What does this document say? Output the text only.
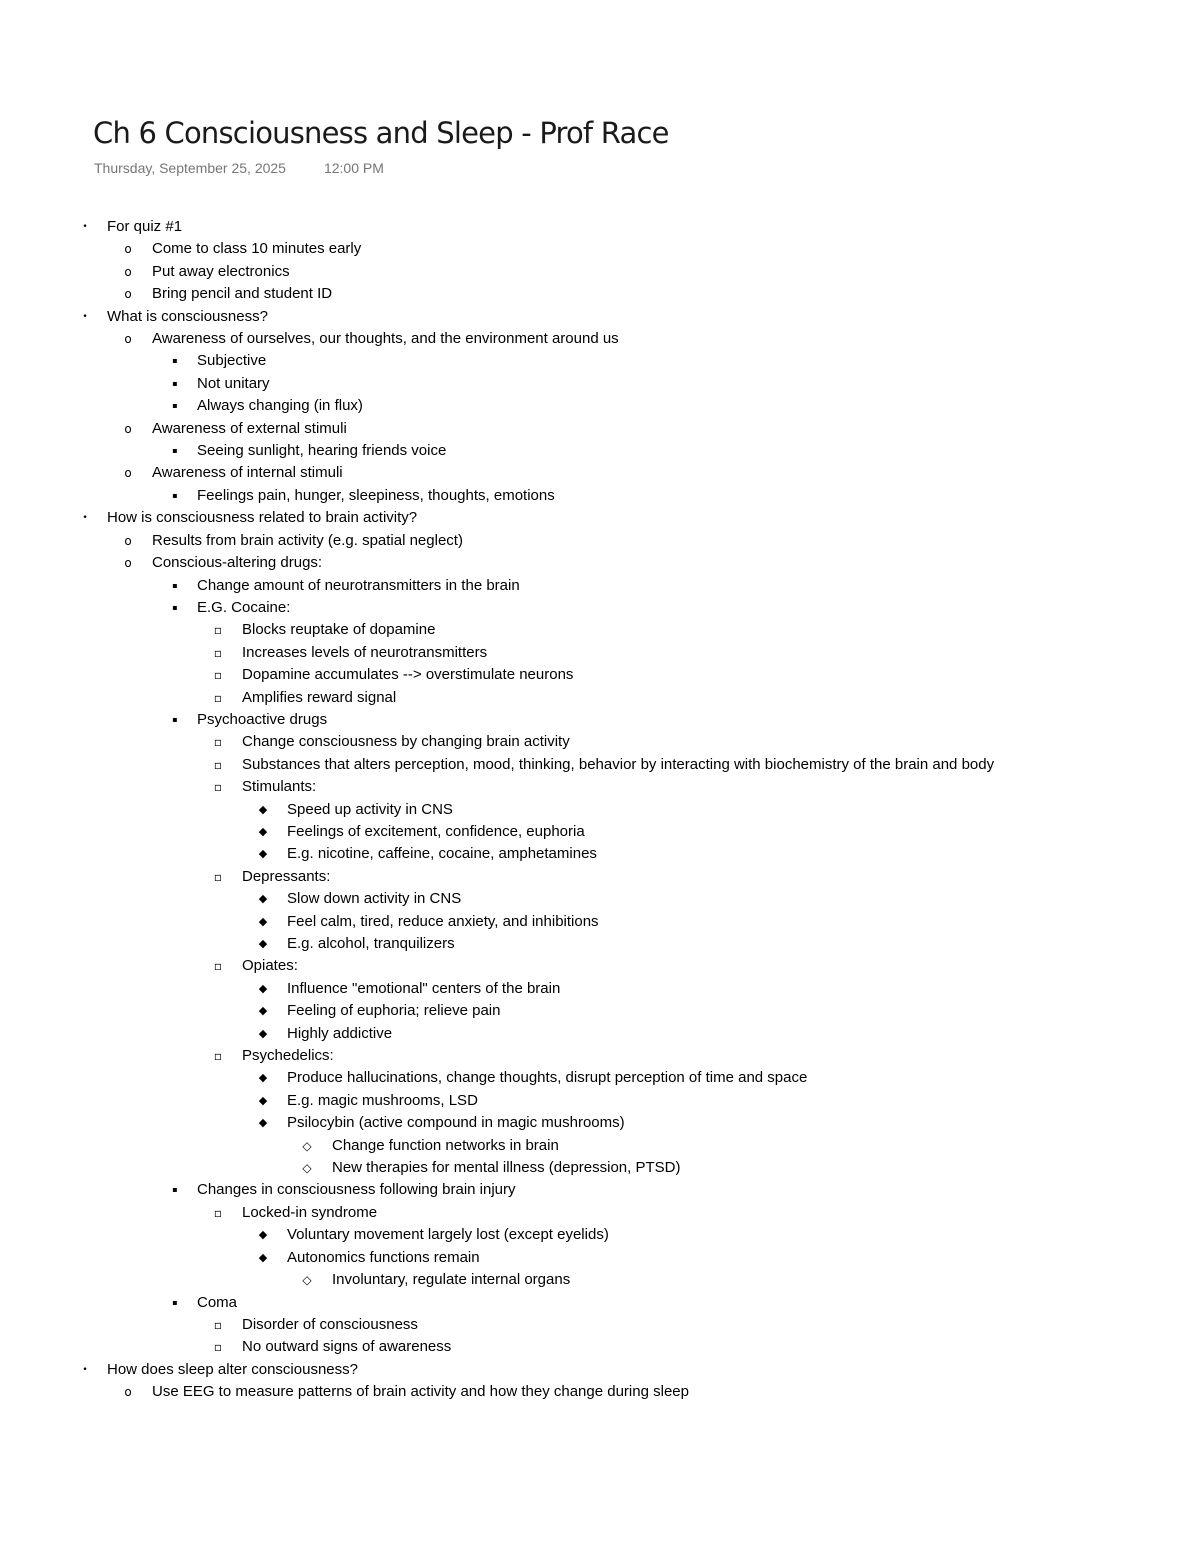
Ch 6 Consciousness and Sleep - Prof Race
Thursday, September 25, 2025	12:00 PM
• For quiz #1
o Come to class 10 minutes early
o Put away electronics
o Bring pencil and student ID
• What is consciousness?
o Awareness of ourselves, our thoughts, and the environment around us
▪ Subjective
▪ Not unitary
▪ Always changing (in flux)
o Awareness of external stimuli
▪ Seeing sunlight, hearing friends voice
o Awareness of internal stimuli
▪ Feelings pain, hunger, sleepiness, thoughts, emotions
• How is consciousness related to brain activity?
o Results from brain activity (e.g. spatial neglect)
o Conscious-altering drugs:
▪ Change amount of neurotransmitters in the brain
▪ E.G. Cocaine:
▫ Blocks reuptake of dopamine
▫ Increases levels of neurotransmitters
▫ Dopamine accumulates --> overstimulate neurons
▫ Amplifies reward signal
▪ Psychoactive drugs
▫ Change consciousness by changing brain activity
▫ Substances that alters perception, mood, thinking, behavior by interacting with biochemistry of the brain and body
▫ Stimulants:
◆ Speed up activity in CNS
◆ Feelings of excitement, confidence, euphoria
◆ E.g. nicotine, caffeine, cocaine, amphetamines
▫ Depressants:
◆ Slow down activity in CNS
◆ Feel calm, tired, reduce anxiety, and inhibitions
◆ E.g. alcohol, tranquilizers
▫ Opiates:
◆ Influence "emotional" centers of the brain
◆ Feeling of euphoria; relieve pain
◆ Highly addictive
▫ Psychedelics:
◆ Produce hallucinations, change thoughts, disrupt perception of time and space
◆ E.g. magic mushrooms, LSD
◆ Psilocybin (active compound in magic mushrooms)
◇ Change function networks in brain
◇ New therapies for mental illness (depression, PTSD)
▪ Changes in consciousness following brain injury
▫ Locked-in syndrome
◆ Voluntary movement largely lost (except eyelids)
◆ Autonomics functions remain
◇ Involuntary, regulate internal organs
▪ Coma
▫ Disorder of consciousness
▫ No outward signs of awareness
• How does sleep alter consciousness?
o Use EEG to measure patterns of brain activity and how they change during sleep
